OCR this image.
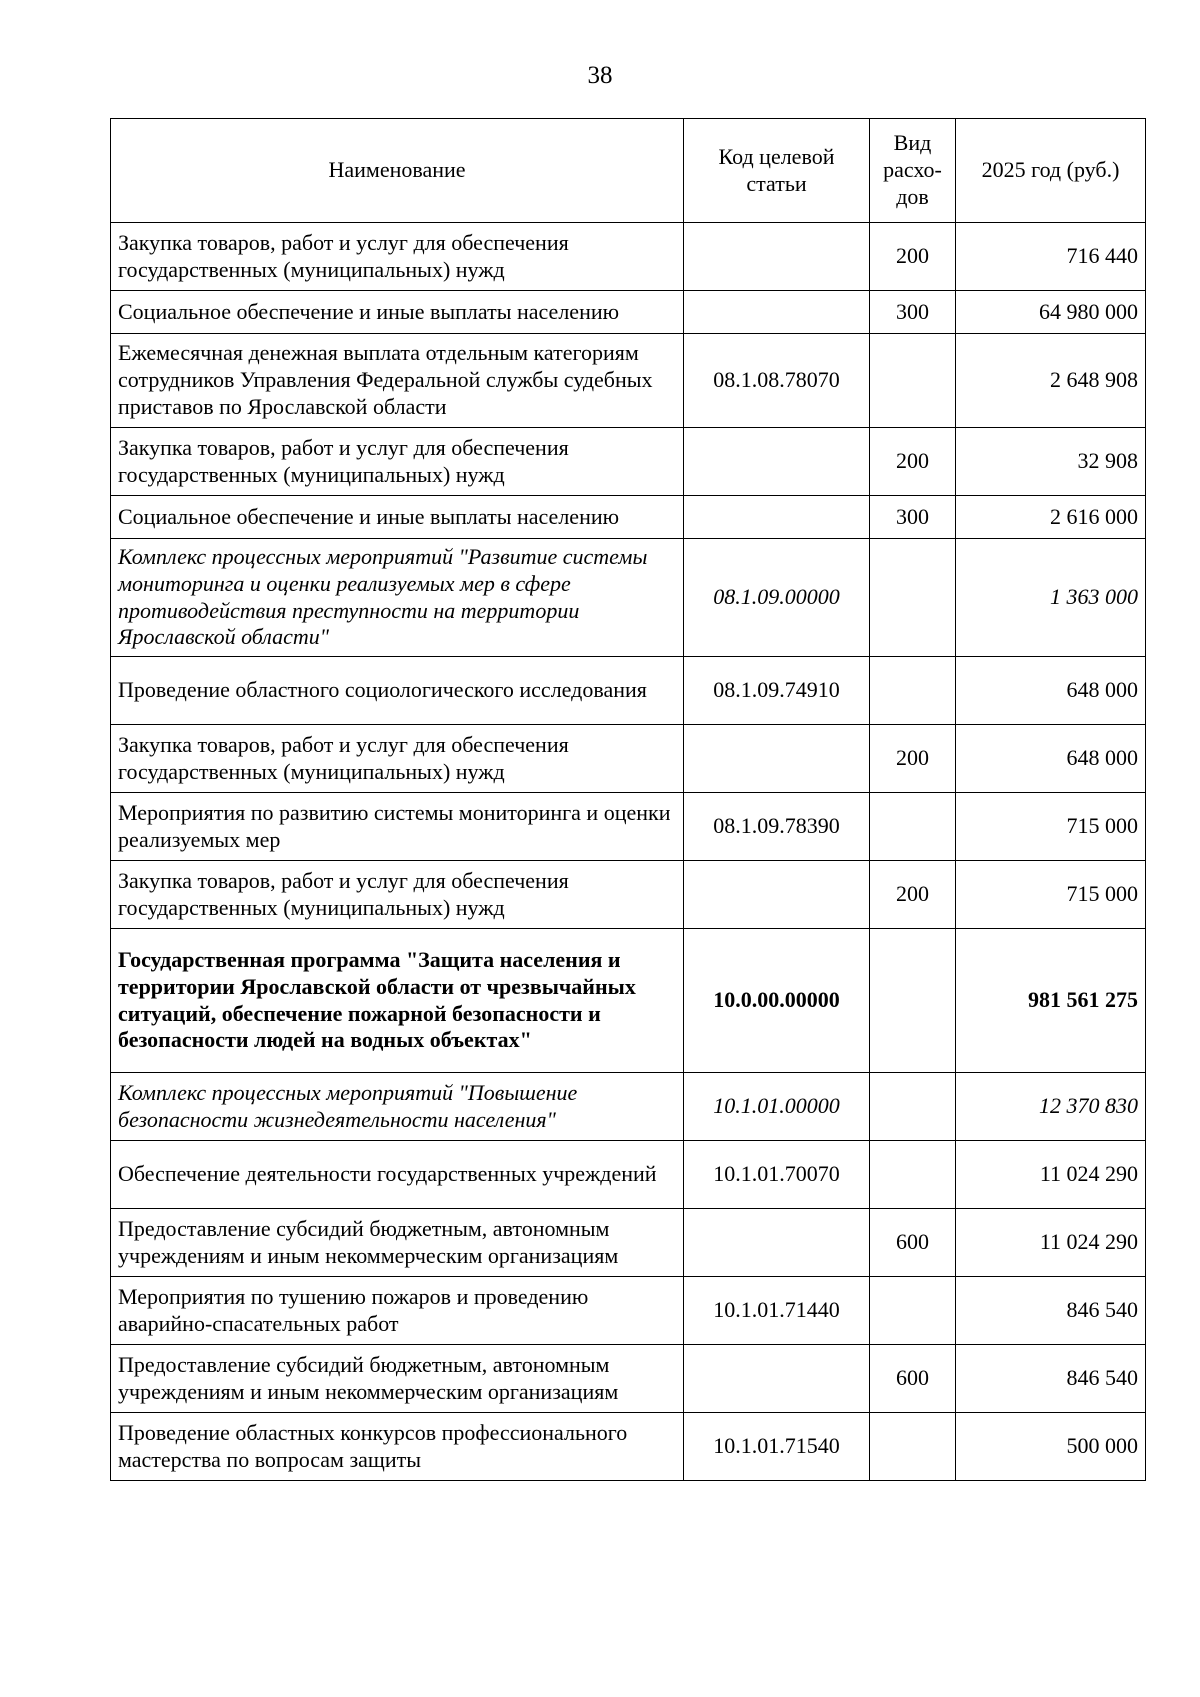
38
Наименование	Код целевой статьи	Вид расхо-дов	2025 год (руб.)
Закупка товаров, работ и услуг для обеспечения государственных (муниципальных) нужд		200	716 440
Социальное обеспечение и иные выплаты населению		300	64 980 000
Ежемесячная денежная выплата отдельным категориям сотрудников Управления Федеральной службы судебных приставов по Ярославской области	08.1.08.78070		2 648 908
Закупка товаров, работ и услуг для обеспечения государственных (муниципальных) нужд		200	32 908
Социальное обеспечение и иные выплаты населению		300	2 616 000
Комплекс процессных мероприятий "Развитие системы мониторинга и оценки реализуемых мер в сфере противодействия преступности на территории Ярославской области"	08.1.09.00000		1 363 000
Проведение областного социологического исследования	08.1.09.74910		648 000
Закупка товаров, работ и услуг для обеспечения государственных (муниципальных) нужд		200	648 000
Мероприятия по развитию системы мониторинга и оценки реализуемых мер	08.1.09.78390		715 000
Закупка товаров, работ и услуг для обеспечения государственных (муниципальных) нужд		200	715 000
Государственная программа "Защита населения и территории Ярославской области от чрезвычайных ситуаций, обеспечение пожарной безопасности и безопасности людей на водных объектах"	10.0.00.00000		981 561 275
Комплекс процессных мероприятий "Повышение безопасности жизнедеятельности населения"	10.1.01.00000		12 370 830
Обеспечение деятельности государственных учреждений	10.1.01.70070		11 024 290
Предоставление субсидий бюджетным, автономным учреждениям и иным некоммерческим организациям		600	11 024 290
Мероприятия по тушению пожаров и проведению аварийно-спасательных работ	10.1.01.71440		846 540
Предоставление субсидий бюджетным, автономным учреждениям и иным некоммерческим организациям		600	846 540
Проведение областных конкурсов профессионального мастерства по вопросам защиты	10.1.01.71540		500 000
